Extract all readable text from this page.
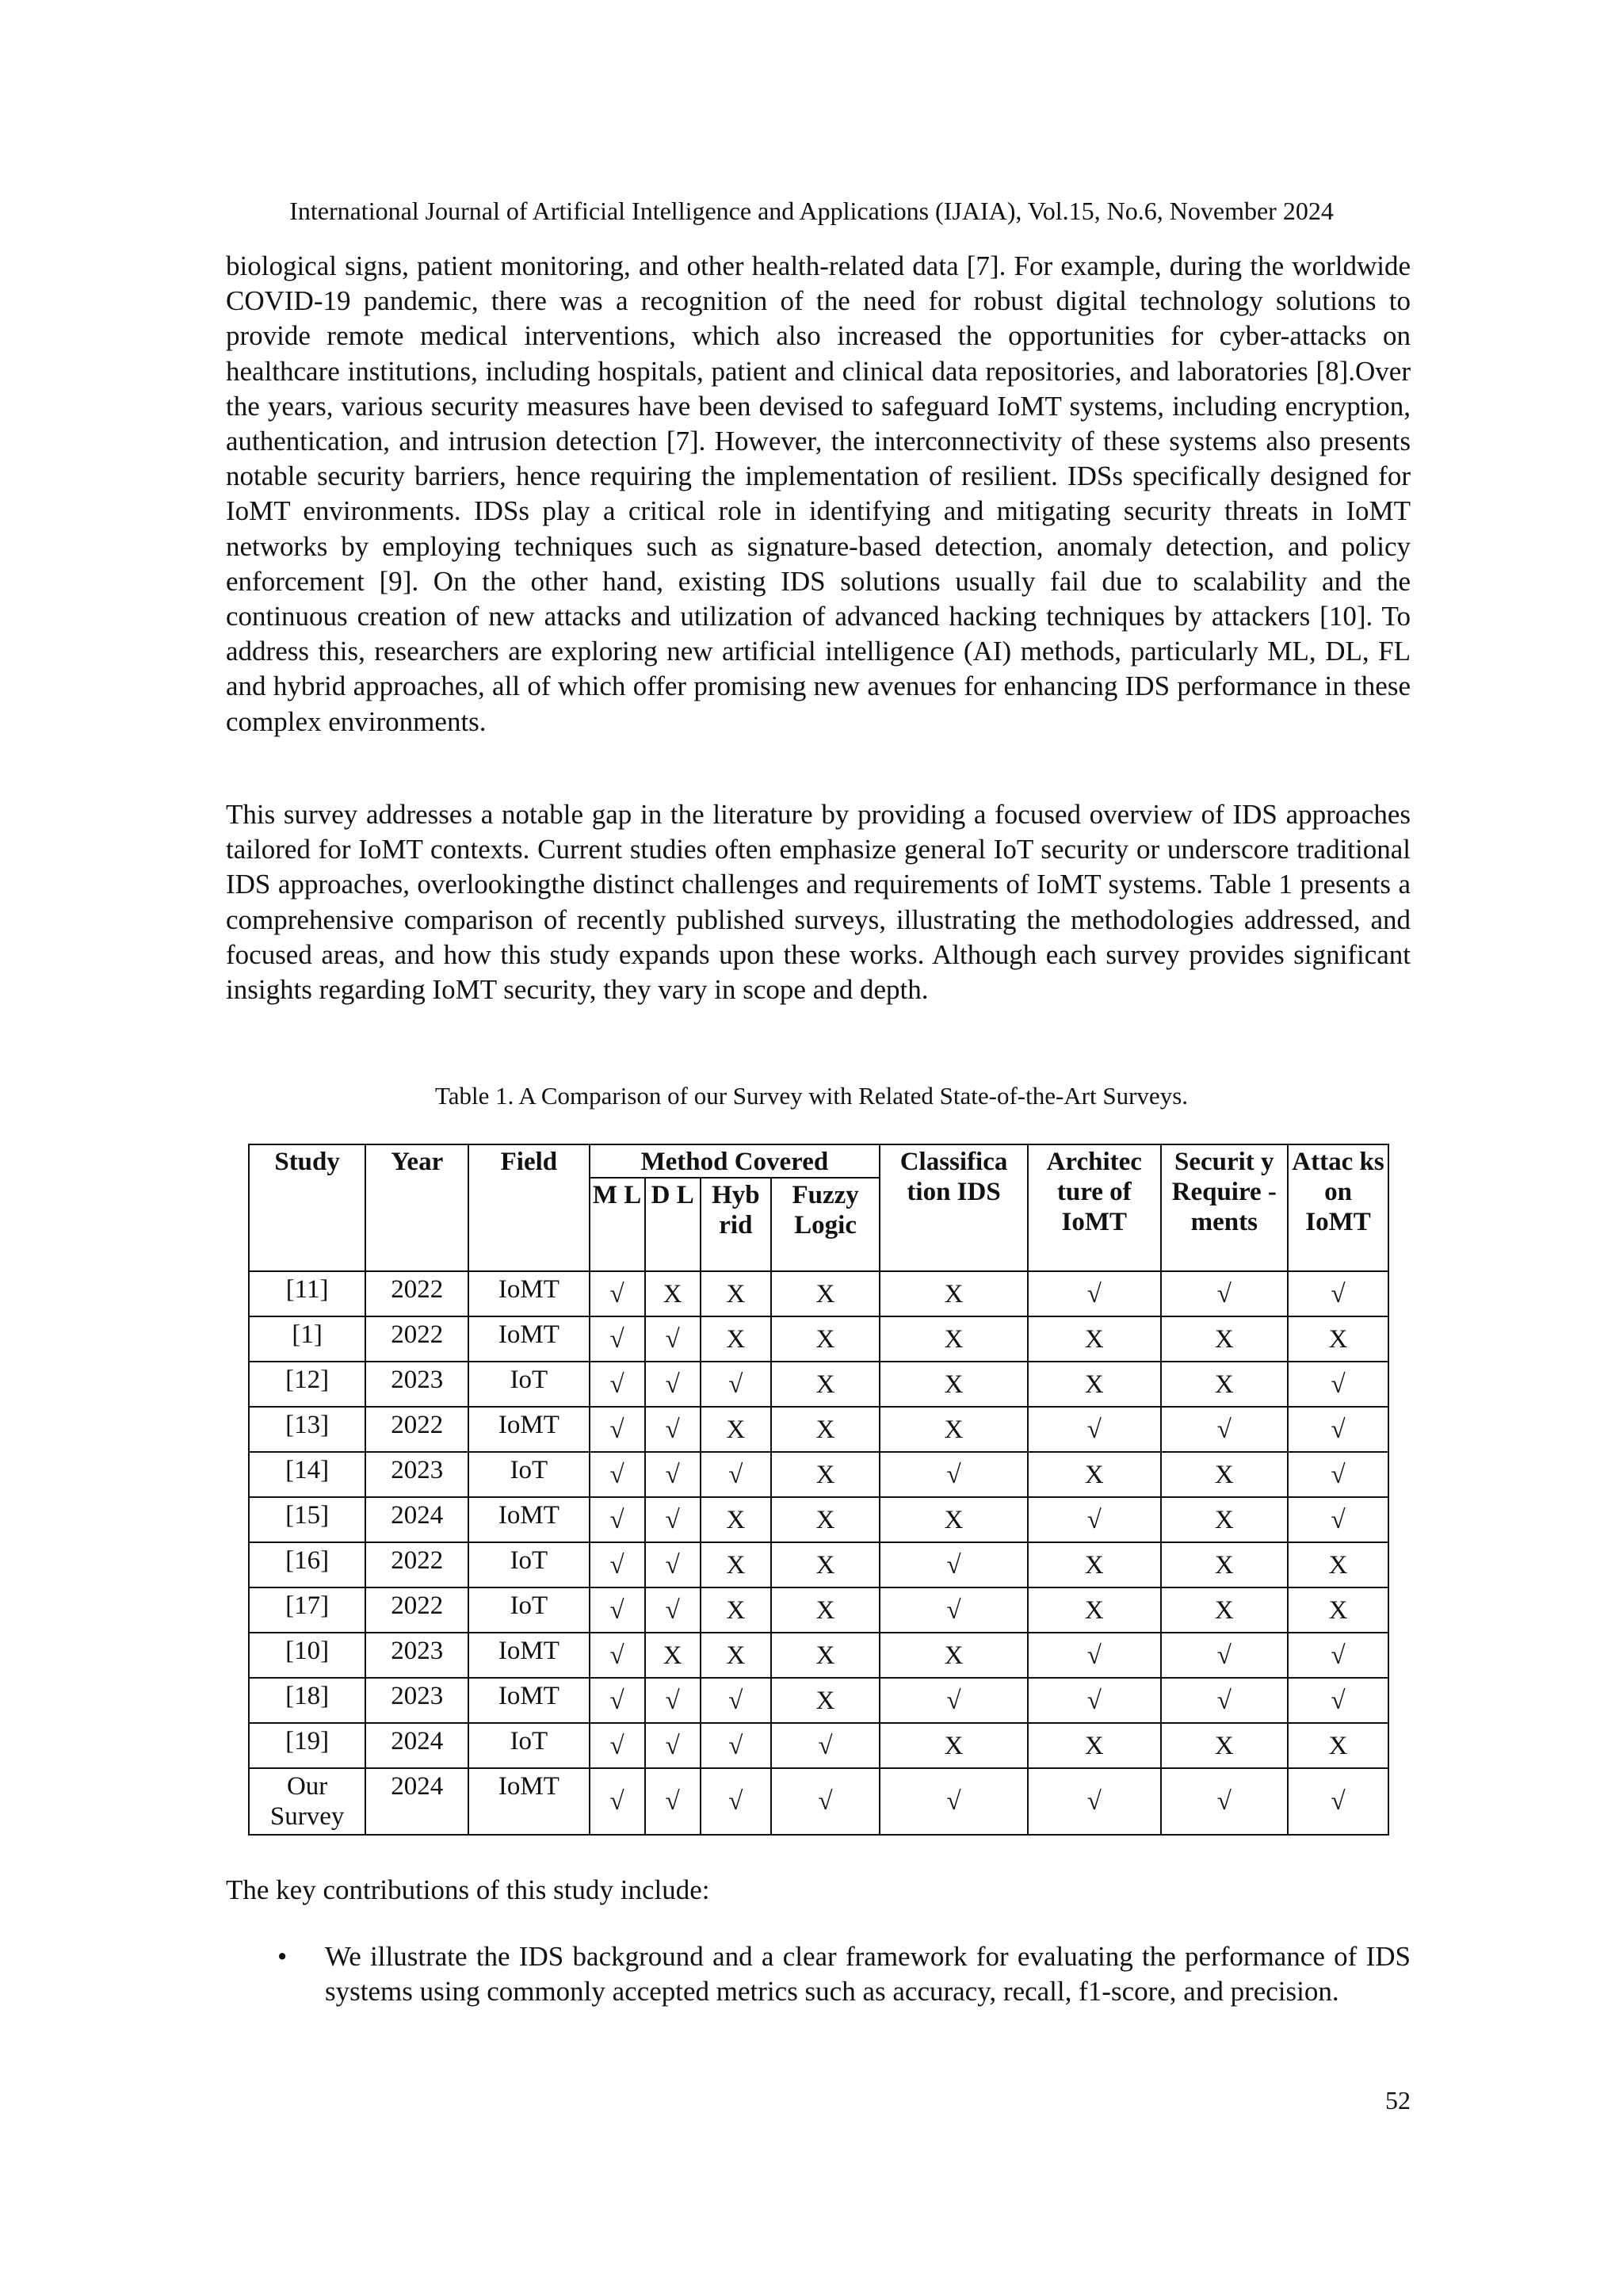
International Journal of Artificial Intelligence and Applications (IJAIA), Vol.15, No.6, November 2024

biological signs, patient monitoring, and other health-related data [7]. For example, during the worldwide COVID-19 pandemic, there was a recognition of the need for robust digital technology solutions to provide remote medical interventions, which also increased the opportunities for cyber-attacks on healthcare institutions, including hospitals, patient and clinical data repositories, and laboratories [8].Over the years, various security measures have been devised to safeguard IoMT systems, including encryption, authentication, and intrusion detection [7]. However, the interconnectivity of these systems also presents notable security barriers, hence requiring the implementation of resilient. IDSs specifically designed for IoMT environments. IDSs play a critical role in identifying and mitigating security threats in IoMT networks by employing techniques such as signature-based detection, anomaly detection, and policy enforcement [9]. On the other hand, existing IDS solutions usually fail due to scalability and the continuous creation of new attacks and utilization of advanced hacking techniques by attackers [10]. To address this, researchers are exploring new artificial intelligence (AI) methods, particularly ML, DL, FL and hybrid approaches, all of which offer promising new avenues for enhancing IDS performance in these complex environments.

This survey addresses a notable gap in the literature by providing a focused overview of IDS approaches tailored for IoMT contexts. Current studies often emphasize general IoT security or underscore traditional IDS approaches, overlookingthe distinct challenges and requirements of IoMT systems. Table 1 presents a comprehensive comparison of recently published surveys, illustrating the methodologies addressed, and focused areas, and how this study expands upon these works. Although each survey provides significant insights regarding IoMT security, they vary in scope and depth.

Table 1. A Comparison of our Survey with Related State-of-the-Art Surveys.
Study	Year	Field	Method Covered				Classifica tion IDS	Architec ture of IoMT	Securit y Require - ments	Attac ks on IoMT
			M L	D L	Hyb rid	Fuzzy Logic				
[11]	2022	IoMT	√	X	X	X	X	√	√	√
[1]	2022	IoMT	√	√	X	X	X	X	X	X
[12]	2023	IoT	√	√	√	X	X	X	X	√
[13]	2022	IoMT	√	√	X	X	X	√	√	√
[14]	2023	IoT	√	√	√	X	√	X	X	√
[15]	2024	IoMT	√	√	X	X	X	√	X	√
[16]	2022	IoT	√	√	X	X	√	X	X	X
[17]	2022	IoT	√	√	X	X	√	X	X	X
[10]	2023	IoMT	√	X	X	X	X	√	√	√
[18]	2023	IoMT	√	√	√	X	√	√	√	√
[19]	2024	IoT	√	√	√	√	X	X	X	X
Our Survey	2024	IoMT	√	√	√	√	√	√	√	√

The key contributions of this study include:

• We illustrate the IDS background and a clear framework for evaluating the performance of IDS systems using commonly accepted metrics such as accuracy, recall, f1-score, and precision.
52
